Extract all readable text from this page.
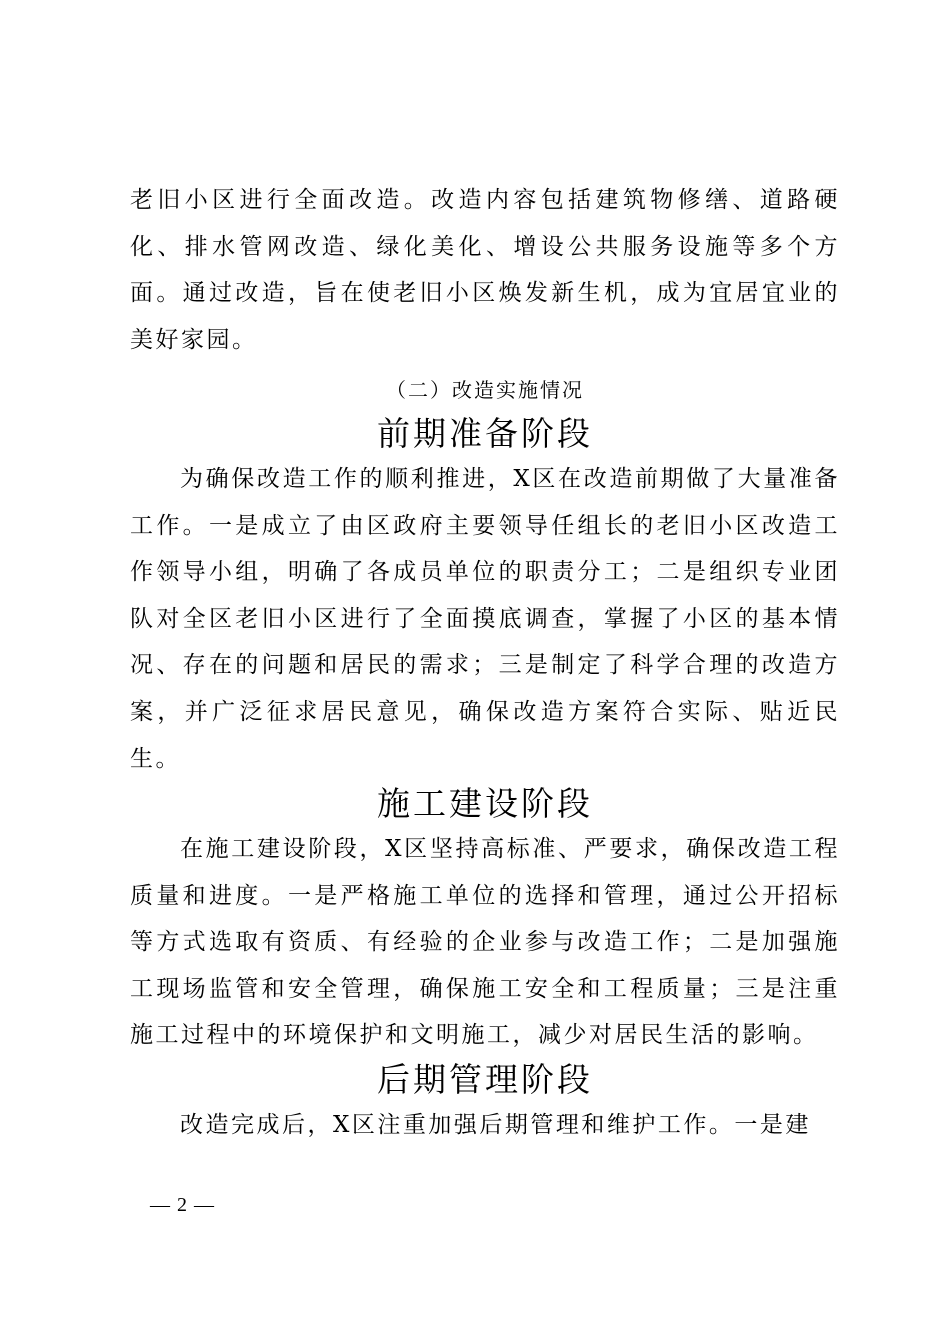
老旧小区进行全面改造。改造内容包括建筑物修缮、道路硬化、排水管网改造、绿化美化、增设公共服务设施等多个方面。通过改造，旨在使老旧小区焕发新生机，成为宜居宜业的美好家园。

（二）改造实施情况

前期准备阶段

为确保改造工作的顺利推进，X区在改造前期做了大量准备工作。一是成立了由区政府主要领导任组长的老旧小区改造工作领导小组，明确了各成员单位的职责分工；二是组织专业团队对全区老旧小区进行了全面摸底调查，掌握了小区的基本情况、存在的问题和居民的需求；三是制定了科学合理的改造方案，并广泛征求居民意见，确保改造方案符合实际、贴近民生。

施工建设阶段

在施工建设阶段，X区坚持高标准、严要求，确保改造工程质量和进度。一是严格施工单位的选择和管理，通过公开招标等方式选取有资质、有经验的企业参与改造工作；二是加强施工现场监管和安全管理，确保施工安全和工程质量；三是注重施工过程中的环境保护和文明施工，减少对居民生活的影响。

后期管理阶段

改造完成后，X区注重加强后期管理和维护工作。一是建

— 2 —
